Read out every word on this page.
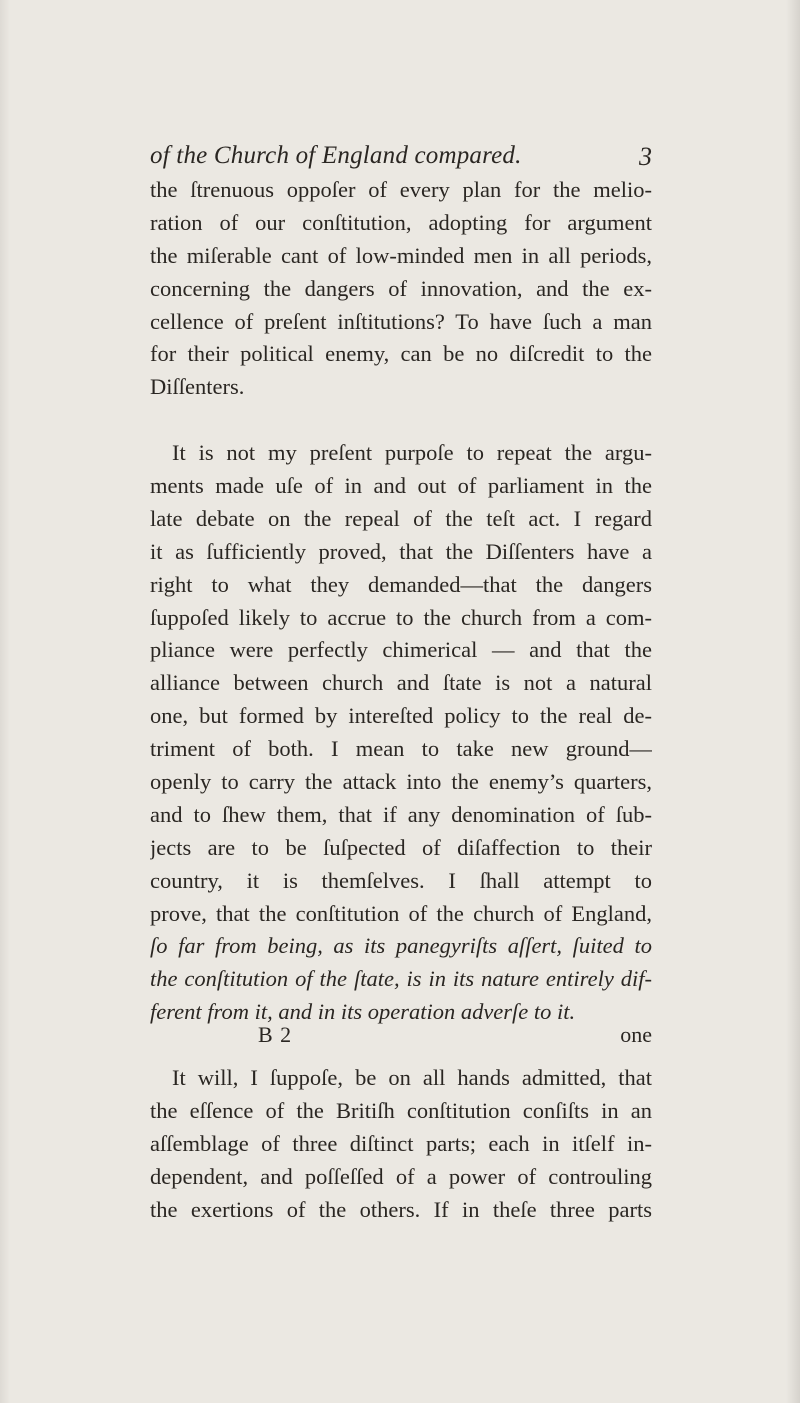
of the Church of England compared.	3
the ſtrenuous oppoſer of every plan for the melio-
ration of our conſtitution, adopting for argument
the miſerable cant of low-minded men in all periods,
concerning the dangers of innovation, and the ex-
cellence of preſent inſtitutions? To have ſuch a man
for their political enemy, can be no diſcredit to the
Diſſenters.
It is not my preſent purpoſe to repeat the argu-
ments made uſe of in and out of parliament in the
late debate on the repeal of the teſt act. I regard
it as ſufficiently proved, that the Diſſenters have a
right to what they demanded—that the dangers
ſuppoſed likely to accrue to the church from a com-
pliance were perfectly chimerical — and that the
alliance between church and ſtate is not a natural
one, but formed by intereſted policy to the real de-
triment of both. I mean to take new ground—
openly to carry the attack into the enemy’s quarters,
and to ſhew them, that if any denomination of ſub-
jects are to be ſuſpected of diſaffection to their
country, it is themſelves. I ſhall attempt to
prove, that the conſtitution of the church of England,
ſo far from being, as its panegyriſts aſſert, ſuited to
the conſtitution of the ſtate, is in its nature entirely dif-
ferent from it, and in its operation adverſe to it.
It will, I ſuppoſe, be on all hands admitted, that
the eſſence of the Britiſh conſtitution conſiſts in an
aſſemblage of three diſtinct parts; each in itſelf in-
dependent, and poſſeſſed of a power of controuling
the exertions of the others. If in theſe three parts
B 2	one
